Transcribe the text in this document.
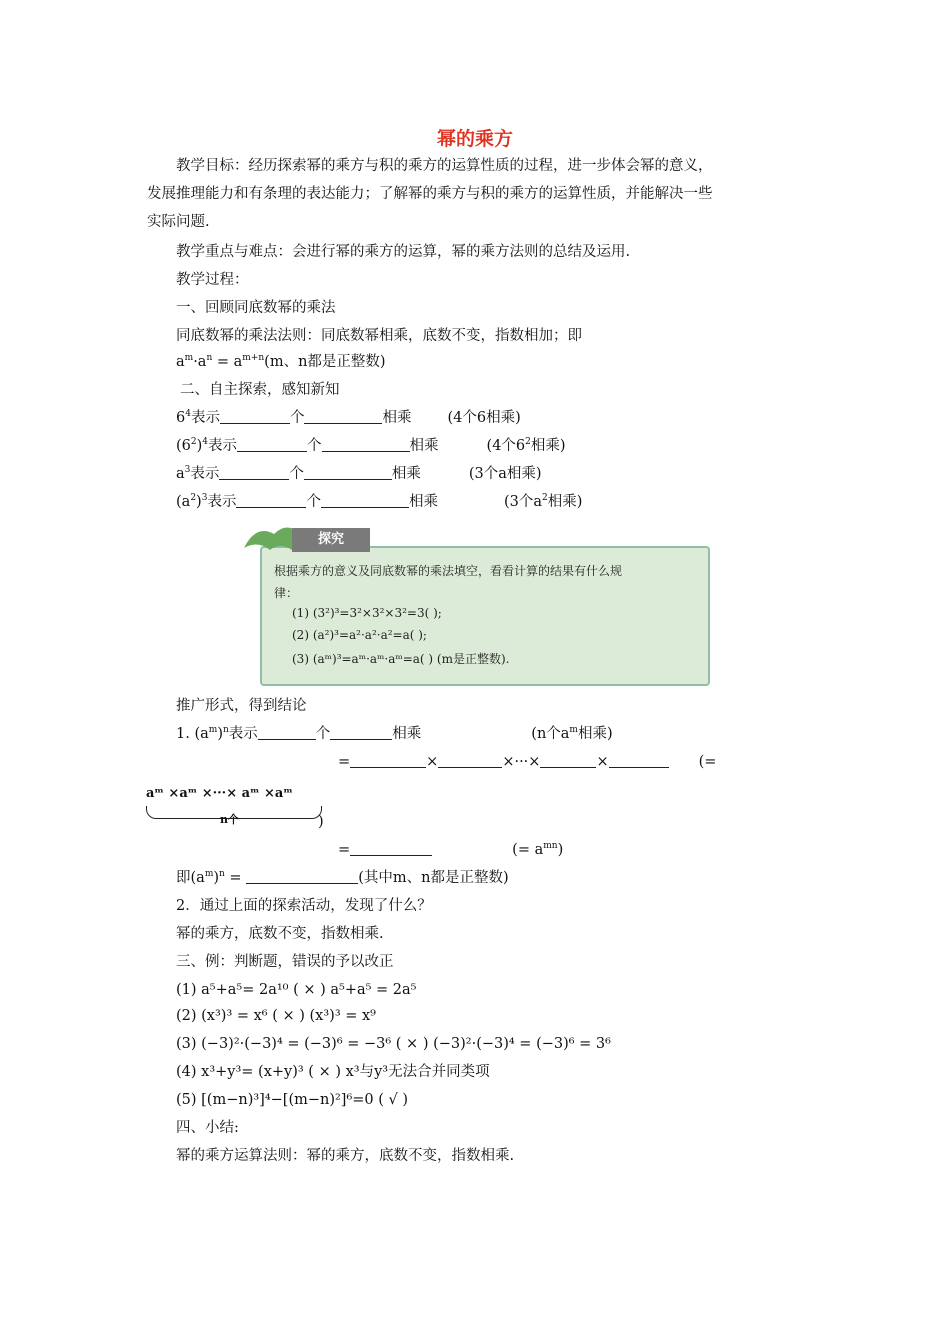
幂的乘方
教学目标：经历探索幂的乘方与积的乘方的运算性质的过程，进一步体会幂的意义，
发展推理能力和有条理的表达能力；了解幂的乘方与积的乘方的运算性质，并能解决一些
实际问题.
教学重点与难点：会进行幂的乘方的运算，幂的乘方法则的总结及运用.
教学过程：
一、回顾同底数幂的乘法
同底数幂的乘法法则：同底数幂相乘，底数不变，指数相加；即
$a^m\cdot a^n = a^{m+n}(m$、n都是正整数)
二、自主探索，感知新知
$6^4$表示	个	相乘 (4个6相乘)
$(6^2)^4$表示	个	相乘	(4个$6^2$相乘)
$a^3$表示	个	相乘	(3个a相乘)
$(a^2)^3$表示	个	相乘	(3个$a^2$相乘)
探究
根据乘方的意义及同底数幂的乘法填空，看看计算的结果有什么规
律：
(1) (3²)³=3²×3²×3²=3( );
(2) (a²)³=a²·a²·a²=a( );
(3) (aᵐ)³=aᵐ·aᵐ·aᵐ=a( ) (m是正整数).
推广形式，得到结论
1. $(a^m)^n$表示	个	相乘	(n个$a^m$相乘)
=	×	×···×	×	(=
aᵐ ×aᵐ ×···× aᵐ ×aᵐ
n个	)
=	(= $a^{mn}$)
即$(a^m)^n$ =	(其中m、n都是正整数)
2．通过上面的探索活动，发现了什么？
幂的乘方，底数不变，指数相乘.
三、例：判断题，错误的予以改正
(1) a⁵+a⁵= 2a¹⁰ ( × ) a⁵+a⁵ = 2a⁵
(2) (x³)³ = x⁶ ( × ) (x³)³ = x⁹
(3) (−3)²·(−3)⁴ = (−3)⁶ = −3⁶ ( × ) (−3)²·(−3)⁴ = (−3)⁶ = 3⁶
(4) x³+y³= (x+y)³ ( × ) x³与y³无法合并同类项
(5) [(m−n)³]⁴−[(m−n)²]⁶=0 ( √ )
四、小结:
幂的乘方运算法则：幂的乘方，底数不变，指数相乘.
